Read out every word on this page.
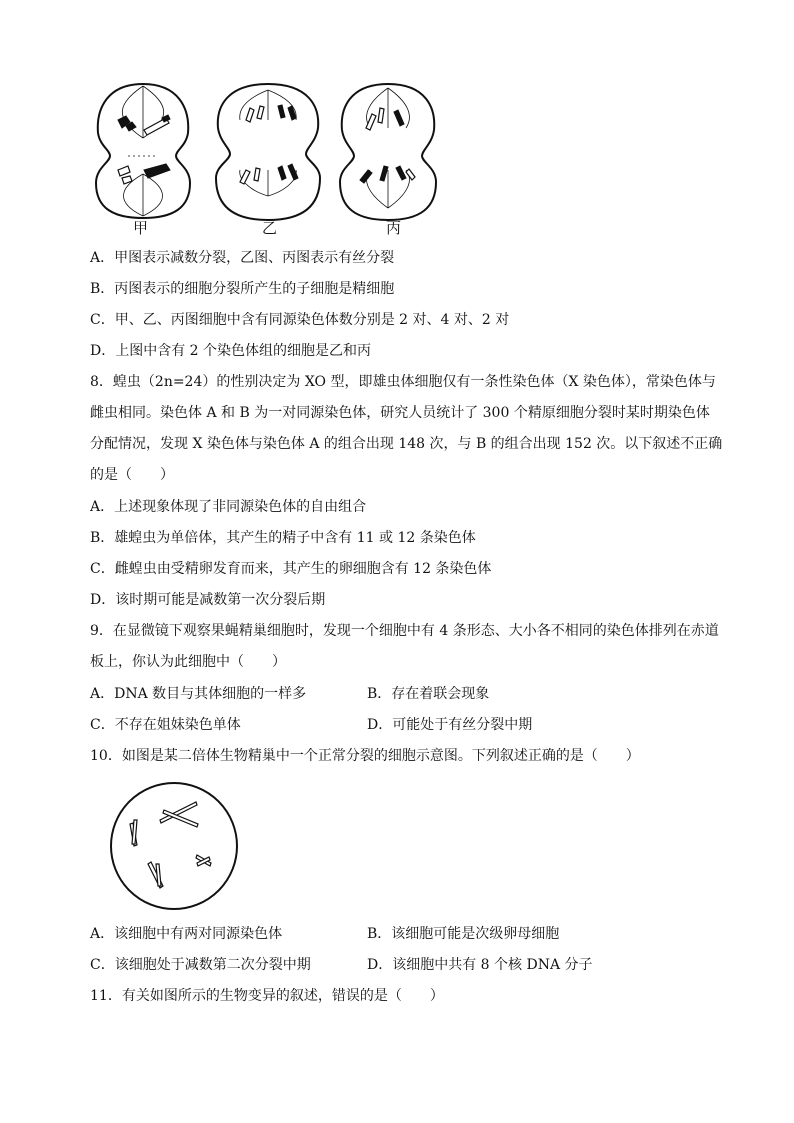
甲	乙	丙
A．甲图表示减数分裂，乙图、丙图表示有丝分裂
B．丙图表示的细胞分裂所产生的子细胞是精细胞
C．甲、乙、丙图细胞中含有同源染色体数分别是 2 对、4 对、2 对
D．上图中含有 2 个染色体组的细胞是乙和丙
8．蝗虫（2n=24）的性别决定为 XO 型，即雄虫体细胞仅有一条性染色体（X 染色体），常染色体与
雌虫相同。染色体 A 和 B 为一对同源染色体，研究人员统计了 300 个精原细胞分裂时某时期染色体
分配情况，发现 X 染色体与染色体 A 的组合出现 148 次，与 B 的组合出现 152 次。以下叙述不正确
的是（　　）
A．上述现象体现了非同源染色体的自由组合
B．雄蝗虫为单倍体，其产生的精子中含有 11 或 12 条染色体
C．雌蝗虫由受精卵发育而来，其产生的卵细胞含有 12 条染色体
D．该时期可能是减数第一次分裂后期
9．在显微镜下观察果蝇精巢细胞时，发现一个细胞中有 4 条形态、大小各不相同的染色体排列在赤道
板上，你认为此细胞中（　　）
A．DNA 数目与其体细胞的一样多	B．存在着联会现象
C．不存在姐妹染色单体	D．可能处于有丝分裂中期
10．如图是某二倍体生物精巢中一个正常分裂的细胞示意图。下列叙述正确的是（　　）
A．该细胞中有两对同源染色体	B．该细胞可能是次级卵母细胞
C．该细胞处于减数第二次分裂中期	D．该细胞中共有 8 个核 DNA 分子
11．有关如图所示的生物变异的叙述，错误的是（　　）
